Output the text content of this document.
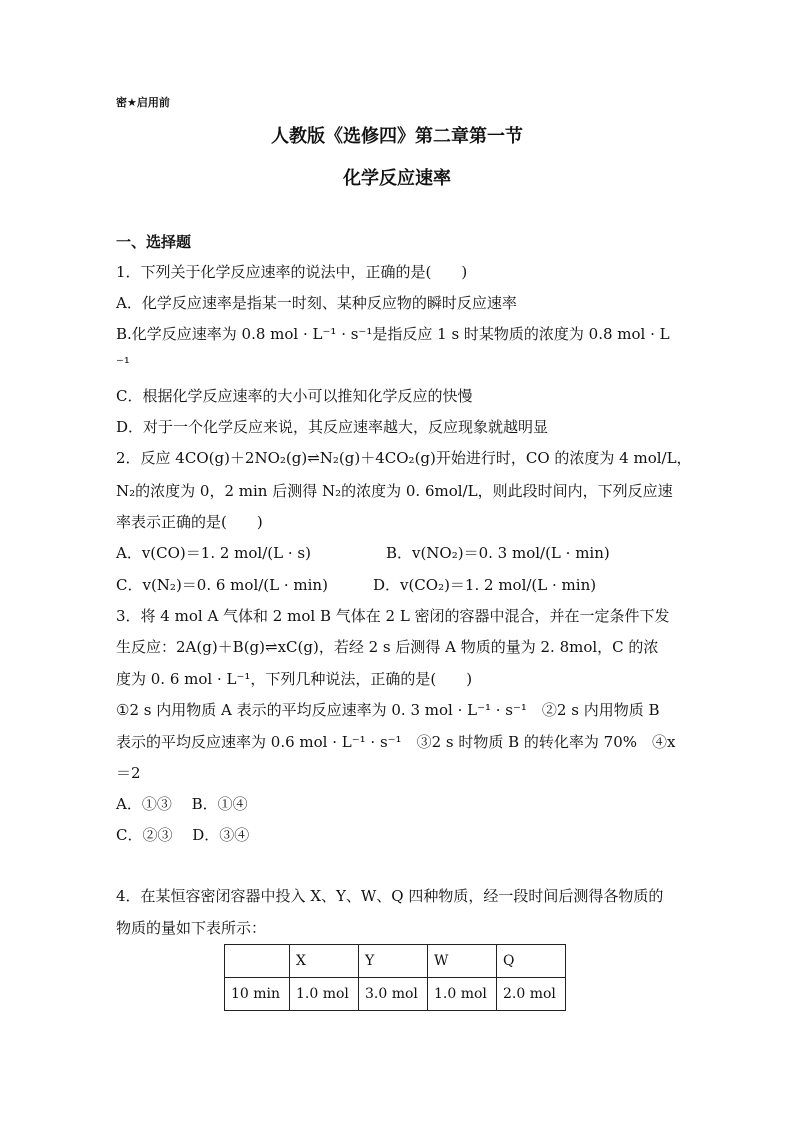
密★启用前
人教版《选修四》第二章第一节
化学反应速率
一、选择题
1．下列关于化学反应速率的说法中，正确的是(　　)
A．化学反应速率是指某一时刻、某种反应物的瞬时反应速率
B.化学反应速率为 0.8 mol · L⁻¹ · s⁻¹是指反应 1 s 时某物质的浓度为 0.8 mol · L
⁻¹
C．根据化学反应速率的大小可以推知化学反应的快慢
D．对于一个化学反应来说，其反应速率越大，反应现象就越明显
2．反应 4CO(g)＋2NO₂(g)⇌N₂(g)＋4CO₂(g)开始进行时，CO 的浓度为 4 mol/L，
N₂的浓度为 0，2 min 后测得 N₂的浓度为 0. 6mol/L，则此段时间内，下列反应速
率表示正确的是(　　)
A．v(CO)＝1. 2 mol/(L · s)　　　　　B．v(NO₂)＝0. 3 mol/(L · min)
C．v(N₂)＝0. 6 mol/(L · min)　　　D．v(CO₂)＝1. 2 mol/(L · min)
3．将 4 mol A 气体和 2 mol B 气体在 2 L 密闭的容器中混合，并在一定条件下发
生反应：2A(g)＋B(g)⇌xC(g)，若经 2 s 后测得 A 物质的量为 2. 8mol，C 的浓
度为 0. 6 mol · L⁻¹，下列几种说法，正确的是(　　)
①2 s 内用物质 A 表示的平均反应速率为 0. 3 mol · L⁻¹ · s⁻¹　②2 s 内用物质 B
表示的平均反应速率为 0.6 mol · L⁻¹ · s⁻¹　③2 s 时物质 B 的转化率为 70%　④x
＝2
A．①③　 B．①④
C．②③　 D．③④
4．在某恒容密闭容器中投入 X、Y、W、Q 四种物质，经一段时间后测得各物质的
物质的量如下表所示：
	X	Y	W	Q
10 min	1.0 mol	3.0 mol	1.0 mol	2.0 mol
